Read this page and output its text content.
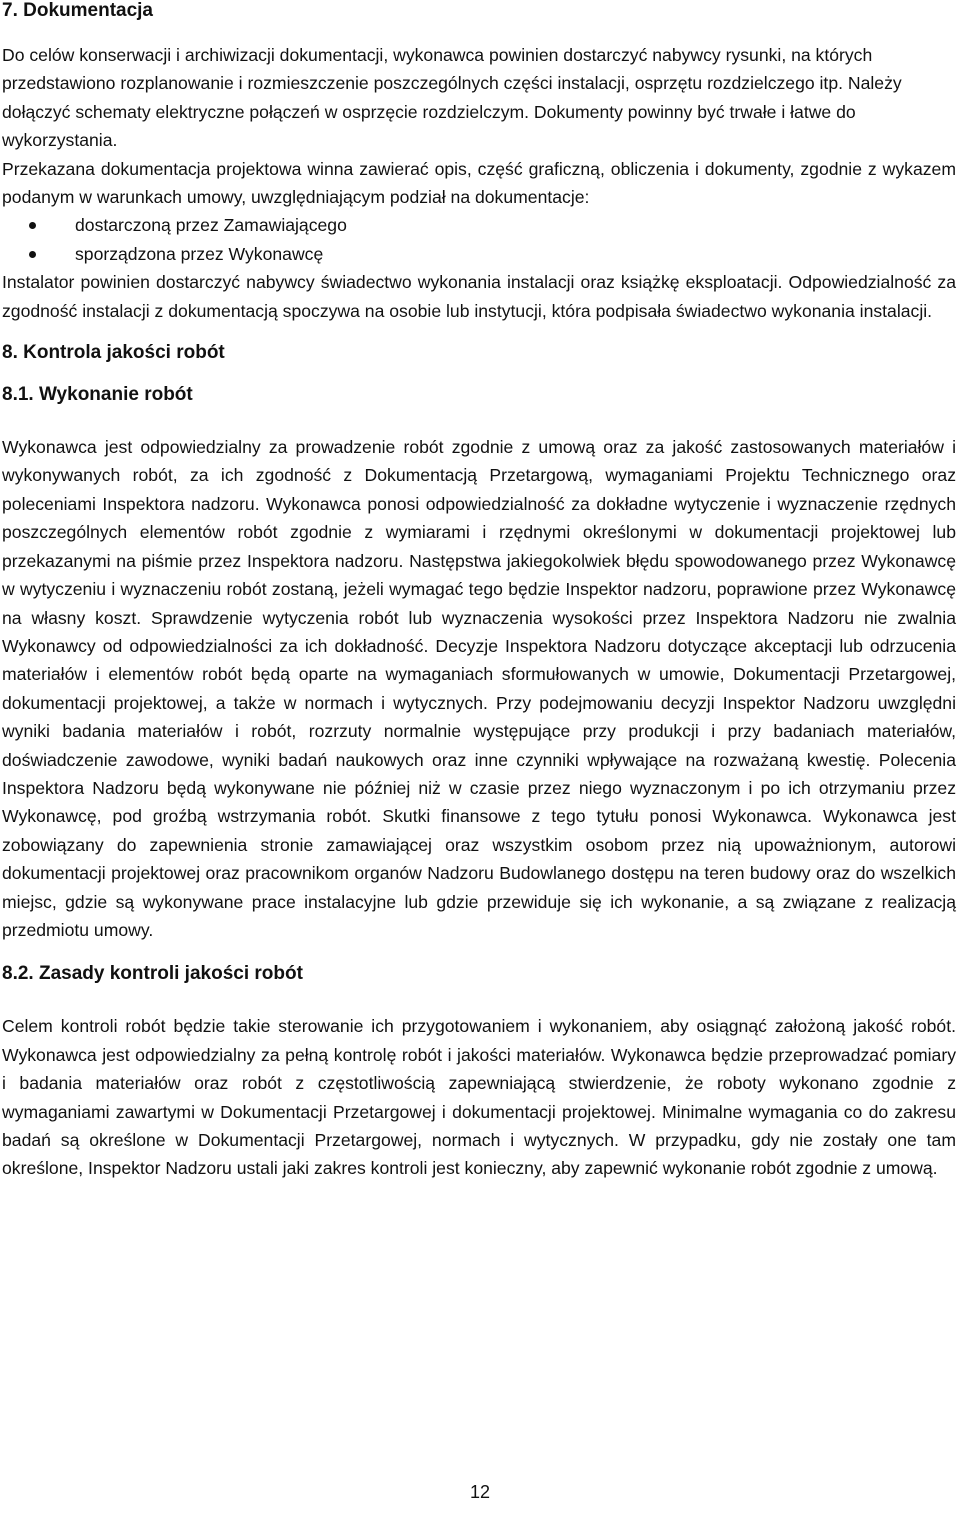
7. Dokumentacja

Do celów konserwacji i archiwizacji dokumentacji, wykonawca powinien dostarczyć nabywcy rysunki, na których przedstawiono rozplanowanie i rozmieszczenie poszczególnych części instalacji, osprzętu rozdzielczego itp. Należy dołączyć schematy elektryczne połączeń w osprzęcie rozdzielczym. Dokumenty powinny być trwałe i łatwe do wykorzystania.

Przekazana dokumentacja projektowa winna zawierać opis, część graficzną, obliczenia i dokumenty, zgodnie z wykazem podanym w warunkach umowy, uwzględniającym podział na dokumentacje:

dostarczoną przez Zamawiającego
sporządzona przez Wykonawcę

Instalator powinien dostarczyć nabywcy świadectwo wykonania instalacji oraz książkę eksploatacji. Odpowiedzialność za zgodność instalacji z dokumentacją spoczywa na osobie lub instytucji, która podpisała świadectwo wykonania instalacji.

8. Kontrola jakości robót
8.1. Wykonanie robót

Wykonawca jest odpowiedzialny za prowadzenie robót zgodnie z umową oraz za jakość zastosowanych materiałów i wykonywanych robót, za ich zgodność z Dokumentacją Przetargową, wymaganiami Projektu Technicznego oraz poleceniami Inspektora nadzoru. Wykonawca ponosi odpowiedzialność za dokładne wytyczenie i wyznaczenie rzędnych poszczególnych elementów robót zgodnie z wymiarami i rzędnymi określonymi w dokumentacji projektowej lub przekazanymi na piśmie przez Inspektora nadzoru. Następstwa jakiegokolwiek błędu spowodowanego przez Wykonawcę w wytyczeniu i wyznaczeniu robót zostaną, jeżeli wymagać tego będzie Inspektor nadzoru, poprawione przez Wykonawcę na własny koszt. Sprawdzenie wytyczenia robót lub wyznaczenia wysokości przez Inspektora Nadzoru nie zwalnia Wykonawcy od odpowiedzialności za ich dokładność. Decyzje Inspektora Nadzoru dotyczące akceptacji lub odrzucenia materiałów i elementów robót będą oparte na wymaganiach sformułowanych w umowie, Dokumentacji Przetargowej, dokumentacji projektowej, a także w normach i wytycznych. Przy podejmowaniu decyzji Inspektor Nadzoru uwzględni wyniki badania materiałów i robót, rozrzuty normalnie występujące przy produkcji i przy badaniach materiałów, doświadczenie zawodowe, wyniki badań naukowych oraz inne czynniki wpływające na rozważaną kwestię. Polecenia Inspektora Nadzoru będą wykonywane nie później niż w czasie przez niego wyznaczonym i po ich otrzymaniu przez Wykonawcę, pod groźbą wstrzymania robót. Skutki finansowe z tego tytułu ponosi Wykonawca. Wykonawca jest zobowiązany do zapewnienia stronie zamawiającej oraz wszystkim osobom przez nią upoważnionym, autorowi dokumentacji projektowej oraz pracownikom organów Nadzoru Budowlanego dostępu na teren budowy oraz do wszelkich miejsc, gdzie są wykonywane prace instalacyjne lub gdzie przewiduje się ich wykonanie, a są związane z realizacją przedmiotu umowy.

8.2. Zasady kontroli jakości robót

Celem kontroli robót będzie takie sterowanie ich przygotowaniem i wykonaniem, aby osiągnąć założoną jakość robót. Wykonawca jest odpowiedzialny za pełną kontrolę robót i jakości materiałów. Wykonawca będzie przeprowadzać pomiary i badania materiałów oraz robót z częstotliwością zapewniającą stwierdzenie, że roboty wykonano zgodnie z wymaganiami zawartymi w Dokumentacji Przetargowej i dokumentacji projektowej. Minimalne wymagania co do zakresu badań są określone w Dokumentacji Przetargowej, normach i wytycznych. W przypadku, gdy nie zostały one tam określone, Inspektor Nadzoru ustali jaki zakres kontroli jest konieczny, aby zapewnić wykonanie robót zgodnie z umową.

12
